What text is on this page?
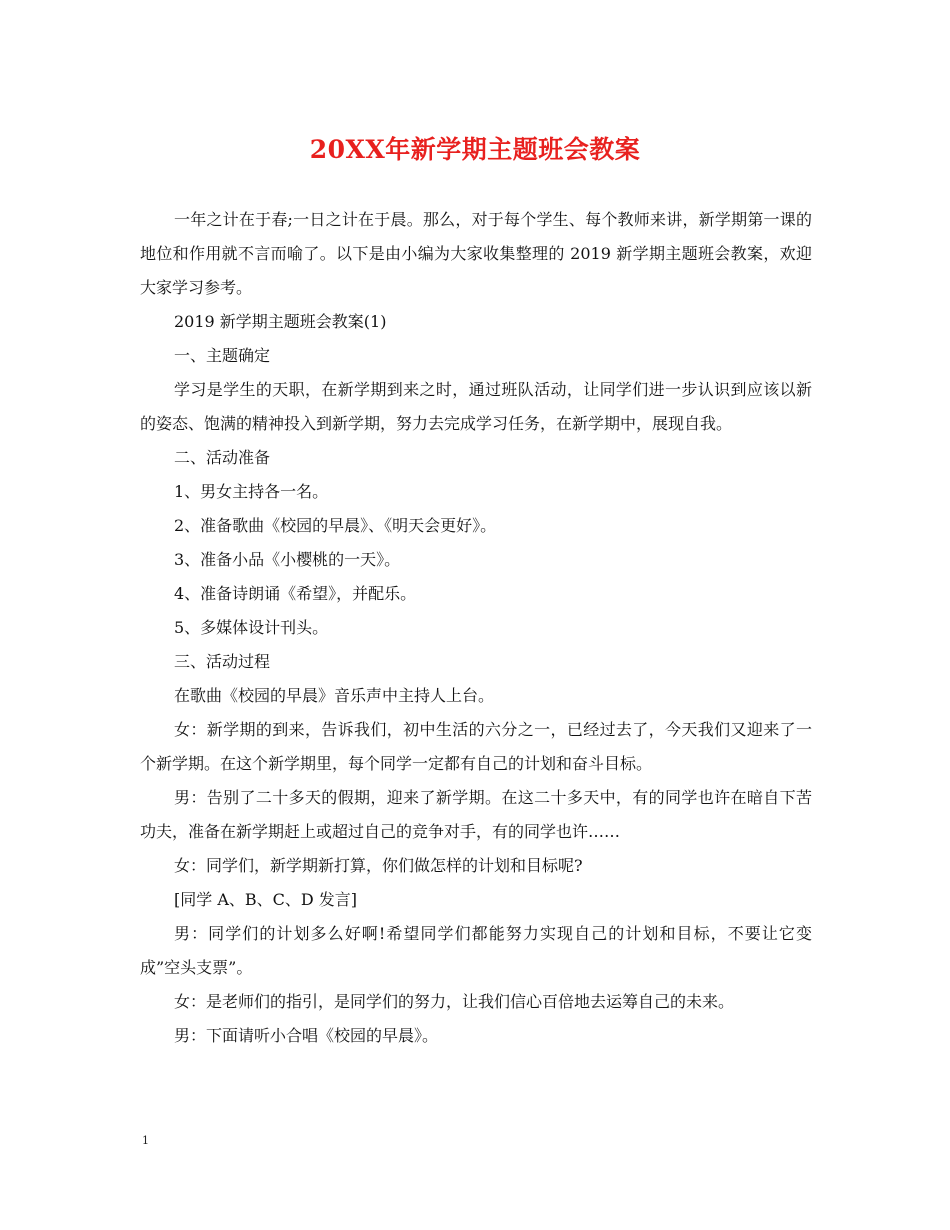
20XX年新学期主题班会教案

一年之计在于春;一日之计在于晨。那么，对于每个学生、每个教师来讲，新学期第一课的地位和作用就不言而喻了。以下是由小编为大家收集整理的 2019 新学期主题班会教案，欢迎大家学习参考。

2019 新学期主题班会教案(1)

一、主题确定

学习是学生的天职，在新学期到来之时，通过班队活动，让同学们进一步认识到应该以新的姿态、饱满的精神投入到新学期，努力去完成学习任务，在新学期中，展现自我。

二、活动准备

1、男女主持各一名。

2、准备歌曲《校园的早晨》、《明天会更好》。

3、准备小品《小樱桃的一天》。

4、准备诗朗诵《希望》，并配乐。

5、多媒体设计刊头。

三、活动过程

在歌曲《校园的早晨》音乐声中主持人上台。

女：新学期的到来，告诉我们，初中生活的六分之一，已经过去了，今天我们又迎来了一个新学期。在这个新学期里，每个同学一定都有自己的计划和奋斗目标。

男：告别了二十多天的假期，迎来了新学期。在这二十多天中，有的同学也许在暗自下苦功夫，准备在新学期赶上或超过自己的竞争对手，有的同学也许……

女：同学们，新学期新打算，你们做怎样的计划和目标呢?

[同学 A、B、C、D 发言]

男：同学们的计划多么好啊!希望同学们都能努力实现自己的计划和目标，不要让它变成”空头支票”。

女：是老师们的指引，是同学们的努力，让我们信心百倍地去运筹自己的未来。

男：下面请听小合唱《校园的早晨》。

1
